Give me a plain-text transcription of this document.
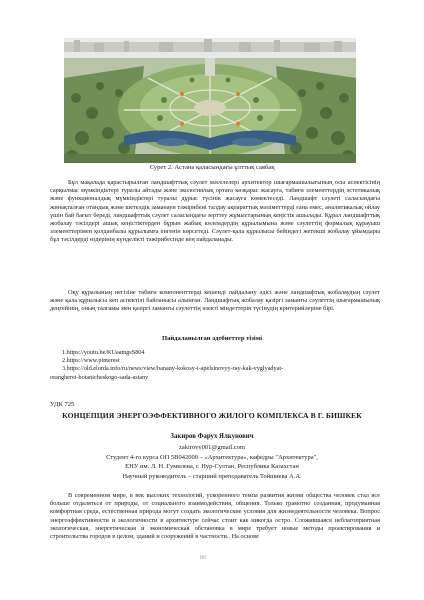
Сурет 2. Астана қаласындағы ұлттық саябақ

Бұл мақалада қарастырылған ландшафттық сәулет мәселелері архитектор шығармашылығының осы аспектісінің сарқылмас мүмкіндіктері туралы айтады және экологиялық ортаға көзқарас жасауға, табиғи элементтердің эстетикалық және функционалдық мүмкіндіктері туралы дұрыс түсінік жасауға көмектеседі. Ландшафт сәулеті саласындағы жинақталған отандық және шетелдік заманауи тәжірибені талдау ақпараттық мәліметтерді ғана емес, аналитикалық ойлау үшін бай бағыт береді, ландшафттық сәулет саласындағы зерттеу жұмыстарының кеңістік ашылады. Құрал ландшафттық жобалау тәсілдері ашық кеңістіктерден бұрын жабық көлемдердің құрылымына және сәулеттің формалық құрауыш элементтерімен қолданбалы құрылымға енгенін көрсетеді. Сәулет-қала құрылысы бейіндегі жетекші жобалау ұйымдары бұл тәсілдерді өздерінің күнделікті тәжірибесінде кең пайдаланады.

Оқу құралының негізіне табиғи компоненттерді кешенді пайдалану әдісі және ландшафтық жобалаудың сәулет және қала құрылысы кеп аспектілі байланысы алынған. Ландшафтық жобалау қазіргі заманғы сәулеттің шығармашылық деңгейінің, оның талғамы мен қазіргі заманғы сәулеттің өзекті міндеттерін түсінудің критерийлеріне бірі.

Пайдаланылған әдебиеттер тізімі
1.https://youtu.be/KUaamgsS804
2.https://www.pinterest
3.https://old.elorda.info/ru/news/view/banany-kokosy-i-apelsinovyy-ray-kak-vyglyadyat-
orangherei-botanicheskogo-sada-astany
УДК 725
КОНЦЕПЦИЯ ЭНЕРГОЭФФЕКТИВНОГО ЖИЛОГО КОМПЛЕКСА В Г. БИШКЕК
Закиров Фарух Ялкунович
zakirovv001@gmail.com
Студент 4-го курса ОП 5В042000 – «Архитектура», кафедры "Архитектура",
ЕНУ им. Л. Н. Гумилева, г. Нур-Султан, Республика Казахстан
Научный руководитель – старший преподаватель Тойшиева А.А.

В современном мире, в век высоких технологий, ускоренного темпа развития жизни общества человек стал все больше отдаляться от природы, от социального взаимодействия, общения. Только грамотно созданная, продуманная комфортная среда, естественная природа могут создать экологические условия для жизнедеятельности человека. Вопрос энергоэффективности и экологичности в архитектуре сейчас стоит как никогда остро. Сложившаяся неблагоприятная экологическая, энергетическая и экономическая обстановка в мире требует новые методы проектирования и строительства городов в целом, зданий и сооружений в частности.. На основе

80
